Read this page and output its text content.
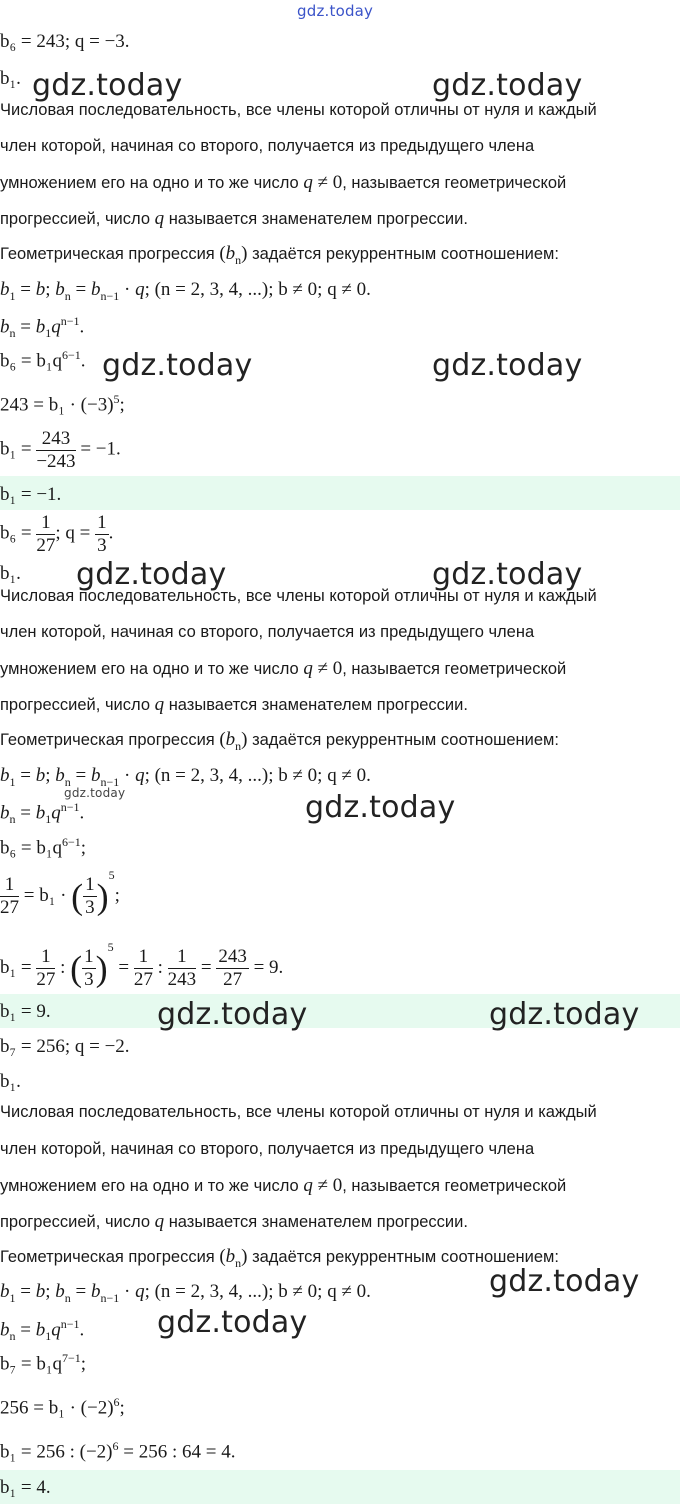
b₆ = 243; q = −3.
b₁.
Числовая последовательность, все члены которой отличны от нуля и каждый
член которой, начиная со второго, получается из предыдущего члена
умножением его на одно и то же число q ≠ 0, называется геометрической
прогрессией, число q называется знаменателем прогрессии.
Геометрическая прогрессия $(b_n)$ задаётся рекуррентным соотношением:
$b_1 = b$; $b_n = b_{n-1} \cdot q$; (n = 2, 3, 4, ...); b ≠ 0; q ≠ 0.
$b_n = b_1q^{n-1}$.
$b_6 = b_1q^{6-1}$.
$243 = b_1 \cdot (-3)^5$;
$b_1 = \frac{243}{-243} = -1$.
b₁ = −1.
$b_6 = \frac{1}{27}$ ; $q = \frac{1}{3}$ .
b₁.
Числовая последовательность, все члены которой отличны от нуля и каждый
член которой, начиная со второго, получается из предыдущего члена
умножением его на одно и то же число q ≠ 0, называется геометрической
прогрессией, число q называется знаменателем прогрессии.
Геометрическая прогрессия $(b_n)$ задаётся рекуррентным соотношением:
$b_1 = b$; $b_n = b_{n-1} \cdot q$; (n = 2, 3, 4, ...); b ≠ 0; q ≠ 0.
$b_n = b_1q^{n-1}$.
$b_6 = b_1q^{6-1}$;
$\frac{1}{27} = b_1$ · ( $\frac{1}{3} )^5$;
$b_1 = \frac{1}{27}$ : ( $\frac{1}{3} )^5 = \frac{1}{27}$ : $\frac{1}{243} = \frac{243}{27} = 9$.
b₁ = 9.
b₇ = 256; q = −2.
b₁.
Числовая последовательность, все члены которой отличны от нуля и каждый
член которой, начиная со второго, получается из предыдущего члена
умножением его на одно и то же число q ≠ 0, называется геометрической
прогрессией, число q называется знаменателем прогрессии.
Геометрическая прогрессия $(b_n)$ задаётся рекуррентным соотношением:
$b_1 = b$; $b_n = b_{n-1} \cdot q$; (n = 2, 3, 4, ...); b ≠ 0; q ≠ 0.
$b_n = b_1q^{n-1}$.
$b_7 = b_1q^{7-1}$;
$256 = b_1 \cdot (-2)^6$;
b₁ = 256 : $(-2)^6 = 256$ : 64 = 4.
b₁ = 4.
gdz.today
gdz.today	gdz.today
gdz.today	gdz.today
gdz.today	gdz.today
gdz.today	gdz.today
gdz.today	gdz.today
gdz.today
gdz.today
